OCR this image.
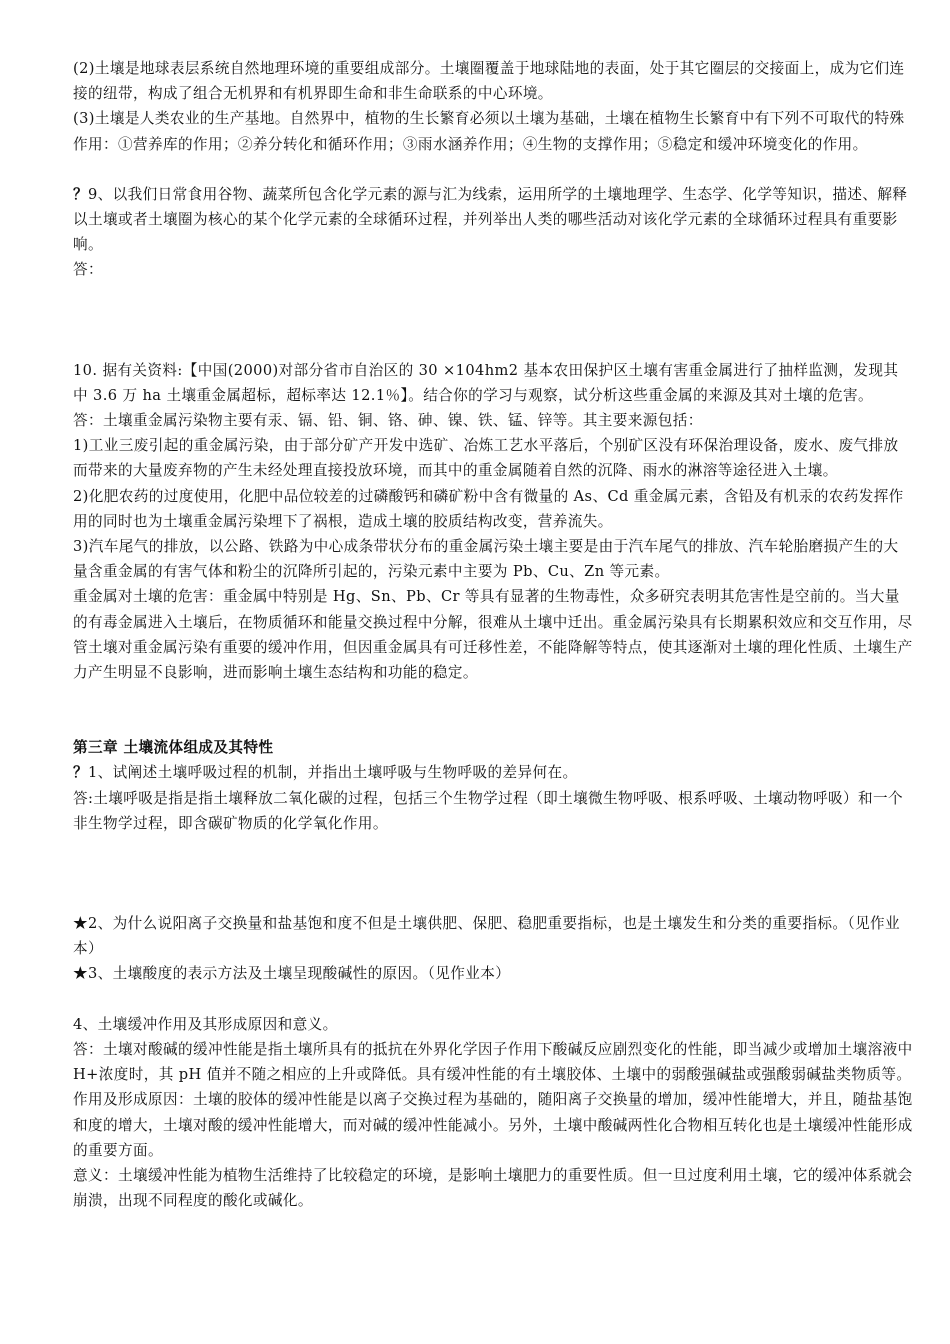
(2)土壤是地球表层系统自然地理环境的重要组成部分。土壤圈覆盖于地球陆地的表面，处于其它圈层的交接面上，成为它们连接的纽带，构成了组合无机界和有机界即生命和非生命联系的中心环境。

(3)土壤是人类农业的生产基地。自然界中，植物的生长繁育必须以土壤为基础，土壤在植物生长繁育中有下列不可取代的特殊作用：①营养库的作用；②养分转化和循环作用；③雨水涵养作用；④生物的支撑作用；⑤稳定和缓冲环境变化的作用。

？9、以我们日常食用谷物、蔬菜所包含化学元素的源与汇为线索，运用所学的土壤地理学、生态学、化学等知识，描述、解释以土壤或者土壤圈为核心的某个化学元素的全球循环过程，并列举出人类的哪些活动对该化学元素的全球循环过程具有重要影响。

答：

10. 据有关资料:【中国(2000)对部分省市自治区的 30 ×104hm2 基本农田保护区土壤有害重金属进行了抽样监测，发现其中 3.6 万 ha 土壤重金属超标，超标率达 12.1％】。结合你的学习与观察，试分析这些重金属的来源及其对土壤的危害。

答：土壤重金属污染物主要有汞、镉、铅、铜、铬、砷、镍、铁、锰、锌等。其主要来源包括：

1)工业三废引起的重金属污染，由于部分矿产开发中选矿、冶炼工艺水平落后，个别矿区没有环保治理设备，废水、废气排放而带来的大量废弃物的产生未经处理直接投放环境，而其中的重金属随着自然的沉降、雨水的淋溶等途径进入土壤。

2)化肥农药的过度使用，化肥中品位较差的过磷酸钙和磷矿粉中含有微量的 As、Cd 重金属元素，含铅及有机汞的农药发挥作用的同时也为土壤重金属污染埋下了祸根，造成土壤的胶质结构改变，营养流失。

3)汽车尾气的排放，以公路、铁路为中心成条带状分布的重金属污染土壤主要是由于汽车尾气的排放、汽车轮胎磨损产生的大量含重金属的有害气体和粉尘的沉降所引起的，污染元素中主要为 Pb、Cu、Zn 等元素。

重金属对土壤的危害：重金属中特别是 Hg、Sn、Pb、Cr 等具有显著的生物毒性，众多研究表明其危害性是空前的。当大量的有毒金属进入土壤后，在物质循环和能量交换过程中分解，很难从土壤中迁出。重金属污染具有长期累积效应和交互作用，尽管土壤对重金属污染有重要的缓冲作用，但因重金属具有可迁移性差，不能降解等特点，使其逐渐对土壤的理化性质、土壤生产力产生明显不良影响，进而影响土壤生态结构和功能的稳定。

第三章 土壤流体组成及其特性

？1、试阐述土壤呼吸过程的机制，并指出土壤呼吸与生物呼吸的差异何在。

答:土壤呼吸是指是指土壤释放二氧化碳的过程，包括三个生物学过程（即土壤微生物呼吸、根系呼吸、土壤动物呼吸）和一个非生物学过程，即含碳矿物质的化学氧化作用。

★2、为什么说阳离子交换量和盐基饱和度不但是土壤供肥、保肥、稳肥重要指标，也是土壤发生和分类的重要指标。（见作业本）

★3、土壤酸度的表示方法及土壤呈现酸碱性的原因。（见作业本）

4、土壤缓冲作用及其形成原因和意义。

答：土壤对酸碱的缓冲性能是指土壤所具有的抵抗在外界化学因子作用下酸碱反应剧烈变化的性能，即当减少或增加土壤溶液中 H+浓度时，其 pH 值并不随之相应的上升或降低。具有缓冲性能的有土壤胶体、土壤中的弱酸强碱盐或强酸弱碱盐类物质等。

作用及形成原因：土壤的胶体的缓冲性能是以离子交换过程为基础的，随阳离子交换量的增加，缓冲性能增大，并且，随盐基饱和度的增大，土壤对酸的缓冲性能增大，而对碱的缓冲性能减小。另外，土壤中酸碱两性化合物相互转化也是土壤缓冲性能形成的重要方面。

意义：土壤缓冲性能为植物生活维持了比较稳定的环境，是影响土壤肥力的重要性质。但一旦过度利用土壤，它的缓冲体系就会崩溃，出现不同程度的酸化或碱化。
